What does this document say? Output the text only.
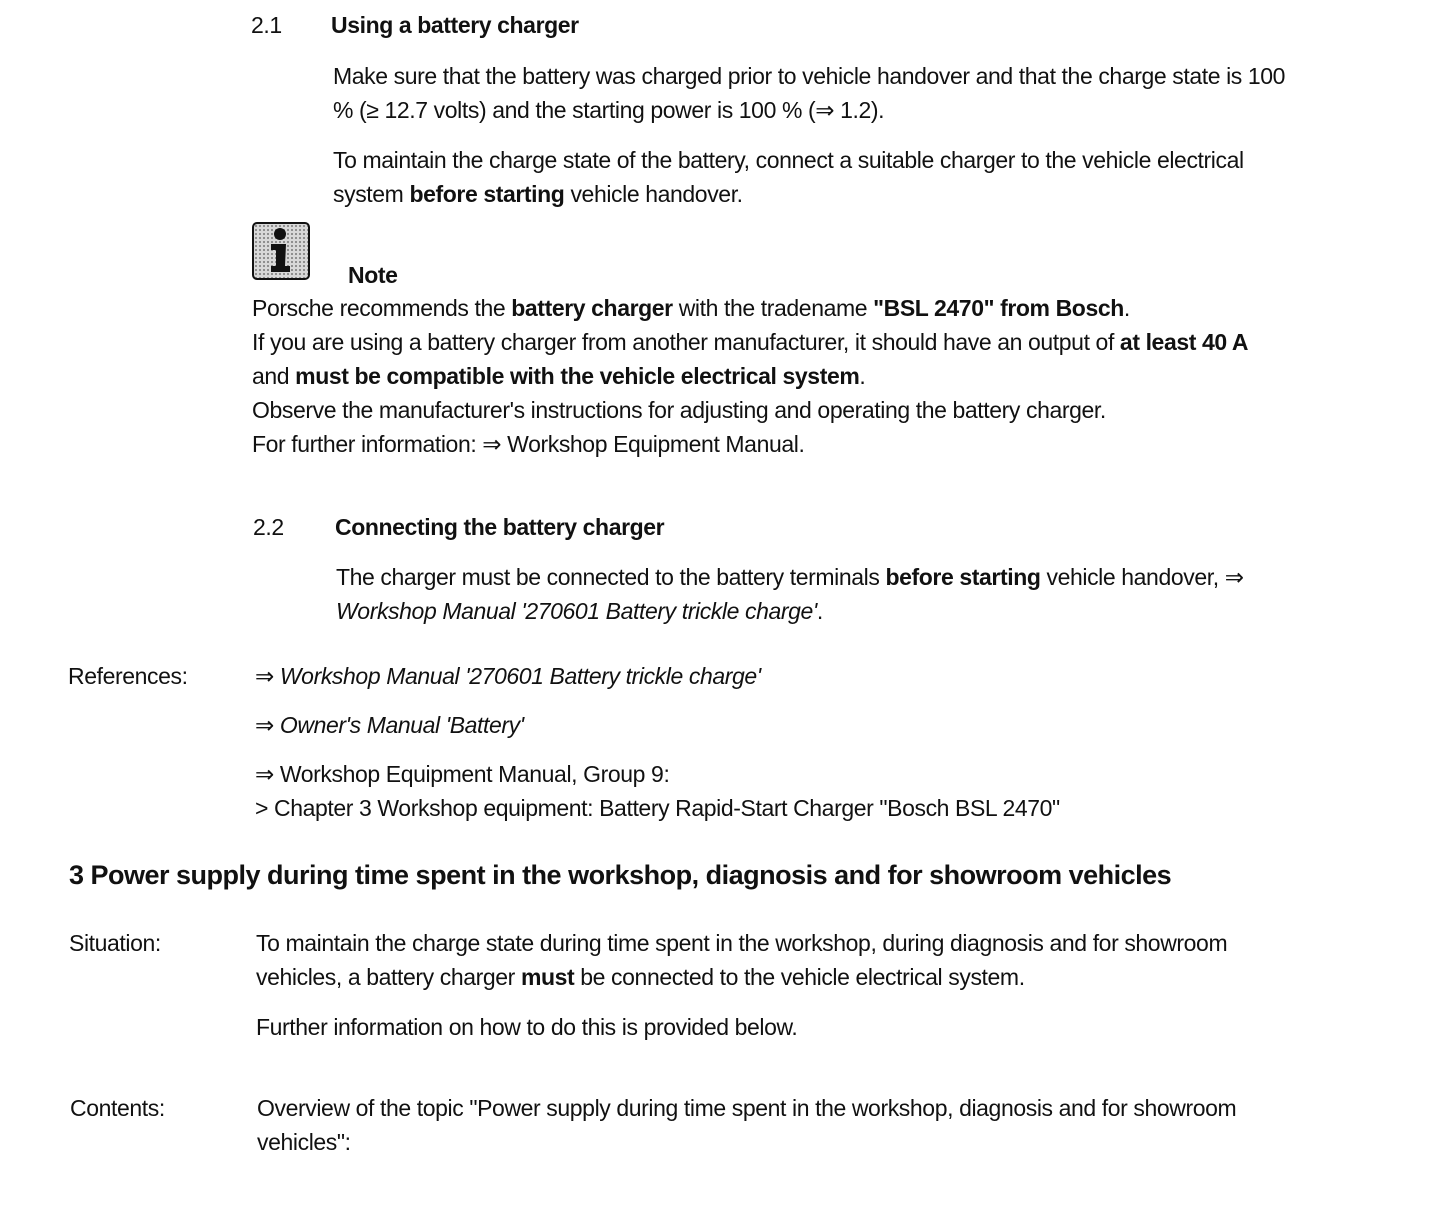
2.1 Using a battery charger
Make sure that the battery was charged prior to vehicle handover and that the charge state is 100
% (≥ 12.7 volts) and the starting power is 100 % (⇒ 1.2).
To maintain the charge state of the battery, connect a suitable charger to the vehicle electrical
system before starting vehicle handover.
Note
Porsche recommends the battery charger with the tradename "BSL 2470" from Bosch.
If you are using a battery charger from another manufacturer, it should have an output of at least 40 A
and must be compatible with the vehicle electrical system.
Observe the manufacturer's instructions for adjusting and operating the battery charger.
For further information: ⇒ Workshop Equipment Manual.
2.2 Connecting the battery charger
The charger must be connected to the battery terminals before starting vehicle handover, ⇒
Workshop Manual '270601 Battery trickle charge'.
References:	⇒ Workshop Manual '270601 Battery trickle charge'
⇒ Owner's Manual 'Battery'
⇒ Workshop Equipment Manual, Group 9:
> Chapter 3 Workshop equipment: Battery Rapid-Start Charger "Bosch BSL 2470"
3 Power supply during time spent in the workshop, diagnosis and for showroom vehicles
Situation:	To maintain the charge state during time spent in the workshop, during diagnosis and for showroom
vehicles, a battery charger must be connected to the vehicle electrical system.
Further information on how to do this is provided below.
Contents:	Overview of the topic "Power supply during time spent in the workshop, diagnosis and for showroom
vehicles":
